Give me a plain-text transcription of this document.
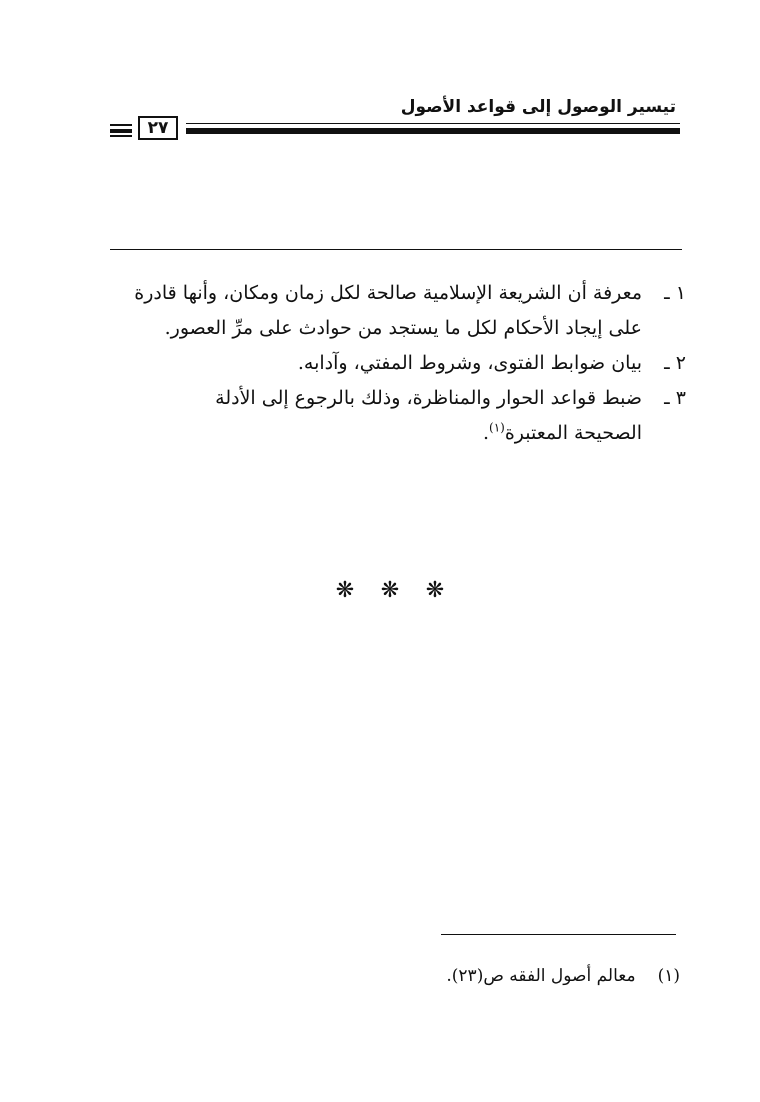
تيسير الوصول إلى قواعد الأصول
٢٧
١ ـ
معرفة أن الشريعة الإسلامية صالحة لكل زمان ومكان، وأنها قادرة
على إيجاد الأحكام لكل ما يستجد من حوادث على مرِّ العصور.
٢ ـ
بيان ضوابط الفتوى، وشروط المفتي، وآدابه.
٣ ـ
ضبط قواعد الحوار والمناظرة، وذلك بالرجوع إلى الأدلة
الصحيحة المعتبرة$^{(١)}$.
❋ ❋ ❋
(١)
معالم أصول الفقه ص(٢٣).
